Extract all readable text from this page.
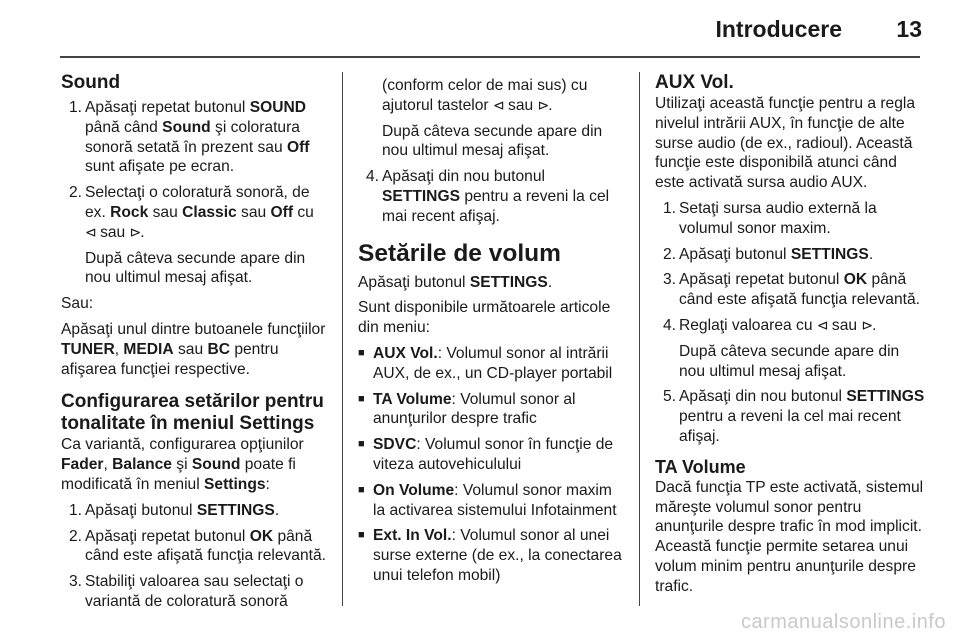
Introducere 13
Sound
1. Apăsaţi repetat butonul SOUND până când Sound şi coloratura sonoră setată în prezent sau Off sunt afişate pe ecran.
2. Selectaţi o coloratură sonoră, de ex. Rock sau Classic sau Off cu ⊲ sau ⊳.

După câteva secunde apare din nou ultimul mesaj afişat.

Sau:

Apăsaţi unul dintre butoanele funcţiilor TUNER, MEDIA sau BC pentru afişarea funcţiei respective.

Configurarea setărilor pentru tonalitate în meniul Settings

Ca variantă, configurarea opţiunilor Fader, Balance şi Sound poate fi modificată în meniul Settings:

1. Apăsaţi butonul SETTINGS.
2. Apăsaţi repetat butonul OK până când este afişată funcţia relevantă.
3. Stabiliţi valoarea sau selectaţi o variantă de coloratură sonoră

(conform celor de mai sus) cu ajutorul tastelor ⊲ sau ⊳.

După câteva secunde apare din nou ultimul mesaj afişat.

4. Apăsaţi din nou butonul SETTINGS pentru a reveni la cel mai recent afişaj.
Setările de volum

Apăsaţi butonul SETTINGS.

Sunt disponibile următoarele articole din meniu:

■ AUX Vol.: Volumul sonor al intrării AUX, de ex., un CD-player portabil
■ TA Volume: Volumul sonor al anunţurilor despre trafic
■ SDVC: Volumul sonor în funcţie de viteza autovehiculului
■ On Volume: Volumul sonor maxim la activarea sistemului Infotainment
■ Ext. In Vol.: Volumul sonor al unei surse externe (de ex., la conectarea unui telefon mobil)
AUX Vol.

Utilizaţi această funcţie pentru a regla nivelul intrării AUX, în funcţie de alte surse audio (de ex., radioul). Această funcţie este disponibilă atunci când este activată sursa audio AUX.

1. Setaţi sursa audio externă la volumul sonor maxim.
2. Apăsaţi butonul SETTINGS.
3. Apăsaţi repetat butonul OK până când este afişată funcţia relevantă.
4. Reglaţi valoarea cu ⊲ sau ⊳.

După câteva secunde apare din nou ultimul mesaj afişat.

5. Apăsaţi din nou butonul SETTINGS pentru a reveni la cel mai recent afişaj.
TA Volume

Dacă funcţia TP este activată, sistemul măreşte volumul sonor pentru anunţurile despre trafic în mod implicit. Această funcţie permite setarea unui volum minim pentru anunţurile despre trafic.

carmanualsonline.info
